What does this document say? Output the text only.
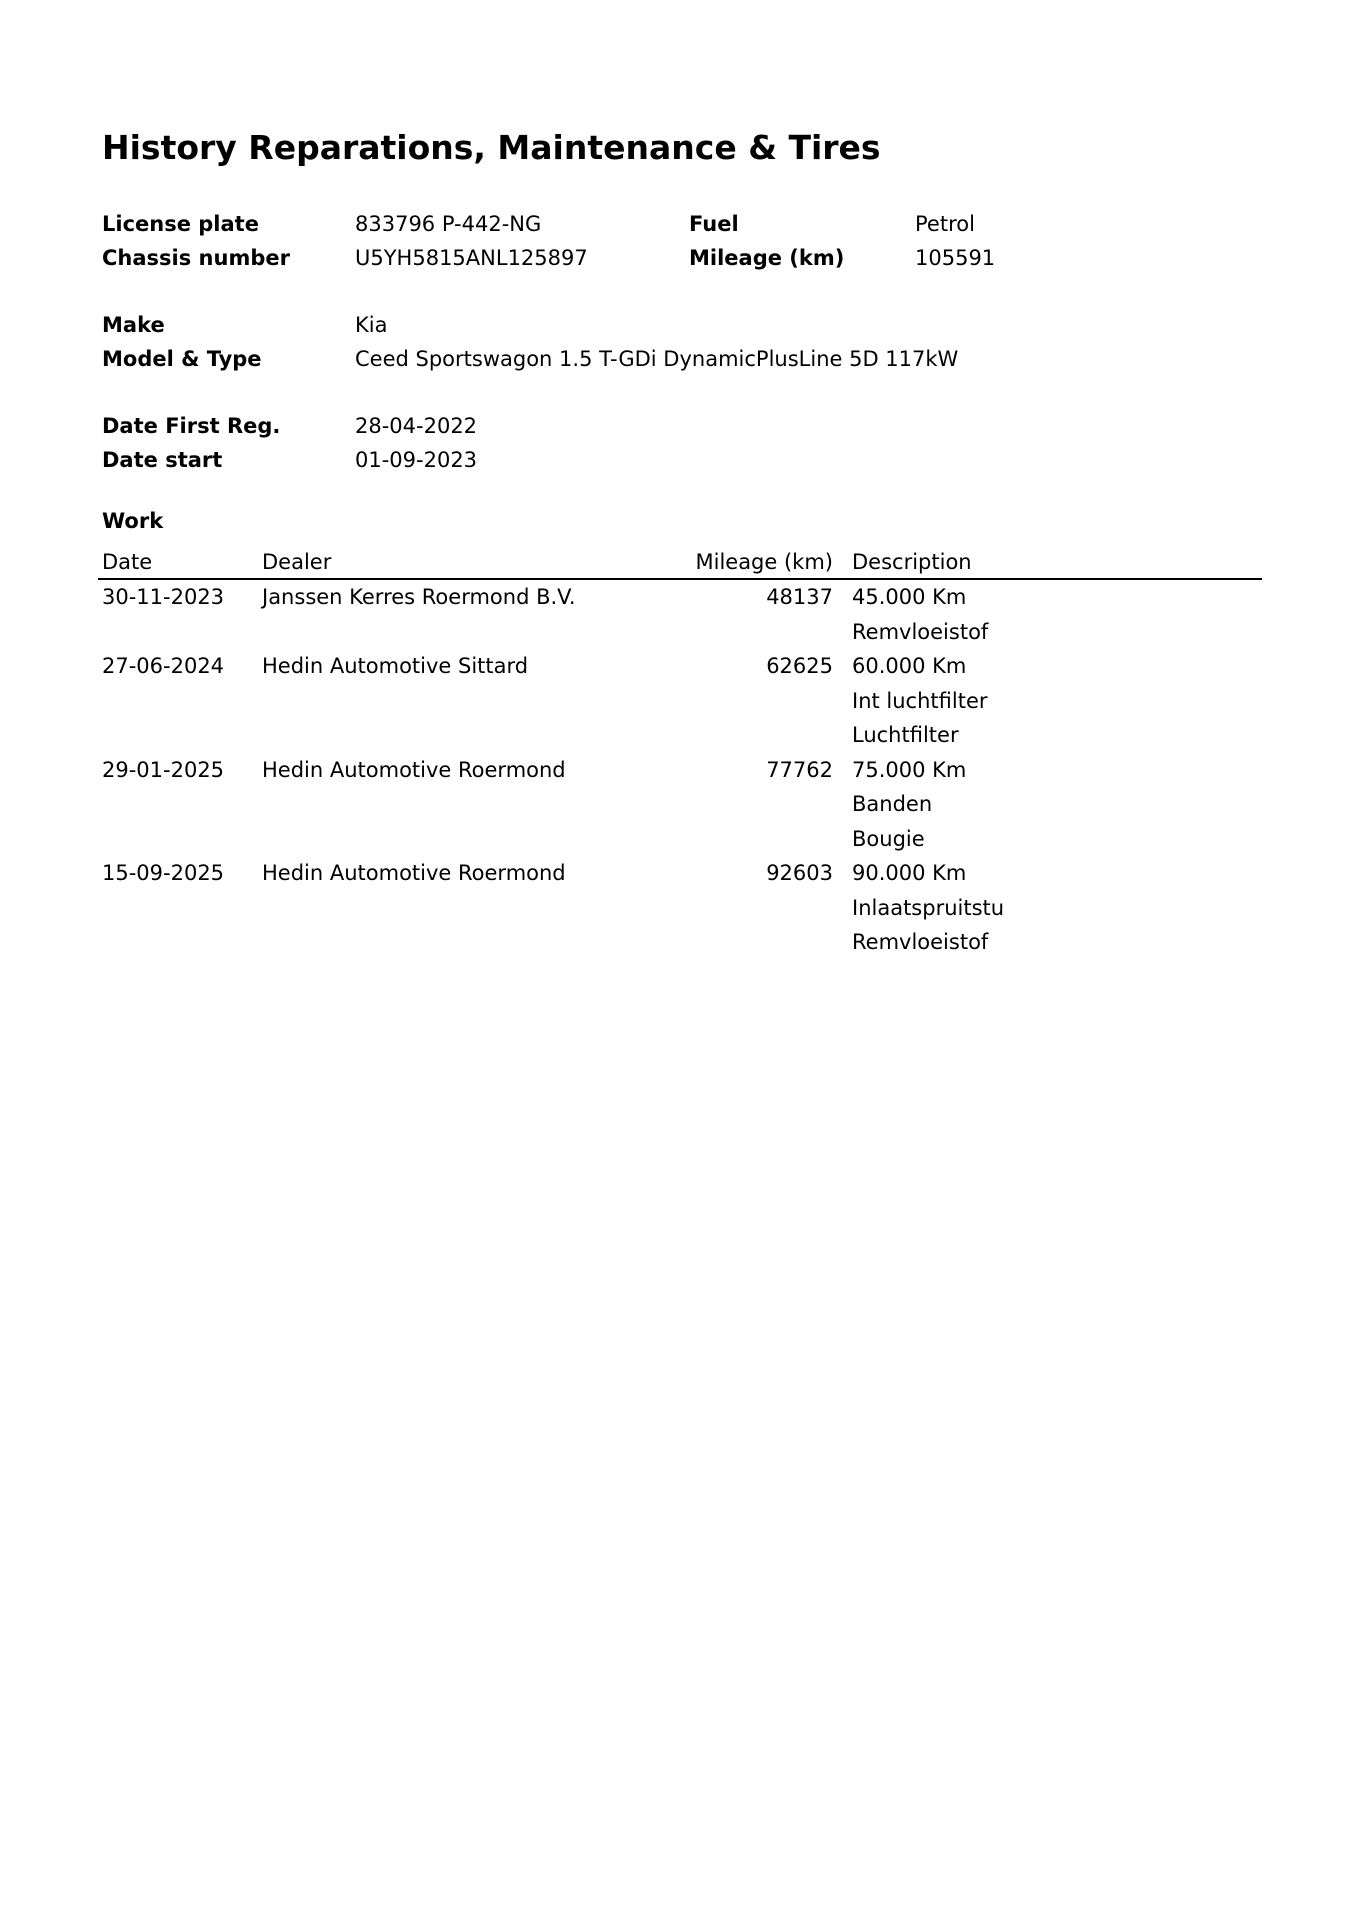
History Reparations, Maintenance & Tires
License plate	833796 P-442-NG	Fuel	Petrol
Chassis number	U5YH5815ANL125897	Mileage (km)	105591
Make	Kia
Model & Type	Ceed Sportswagon 1.5 T-GDi DynamicPlusLine 5D 117kW
Date First Reg.	28-04-2022
Date start	01-09-2023
Work
Date	Dealer	Mileage (km) Description
30-11-2023 Janssen Kerres Roermond B.V.	48137 45.000 Km
Remvloeistof
27-06-2024 Hedin Automotive Sittard	62625 60.000 Km
Int luchtfilter
Luchtfilter
29-01-2025 Hedin Automotive Roermond	77762 75.000 Km
Banden
Bougie
15-09-2025 Hedin Automotive Roermond	92603 90.000 Km
Inlaatspruitstu
Remvloeistof
